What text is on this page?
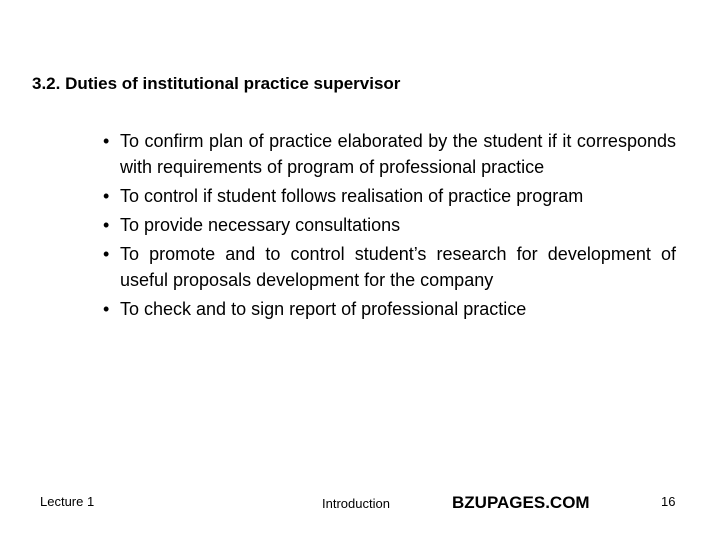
3.2. Duties of institutional practice supervisor
• To confirm plan of practice elaborated by the student if it corresponds with requirements of program of professional practice
• To control if student follows realisation of practice program
• To provide necessary consultations
• To promote and to control student’s research for development of useful proposals development for the company
• To check and to sign report of professional practice
Lecture 1	Introduction	BZUPAGES.COM	16
